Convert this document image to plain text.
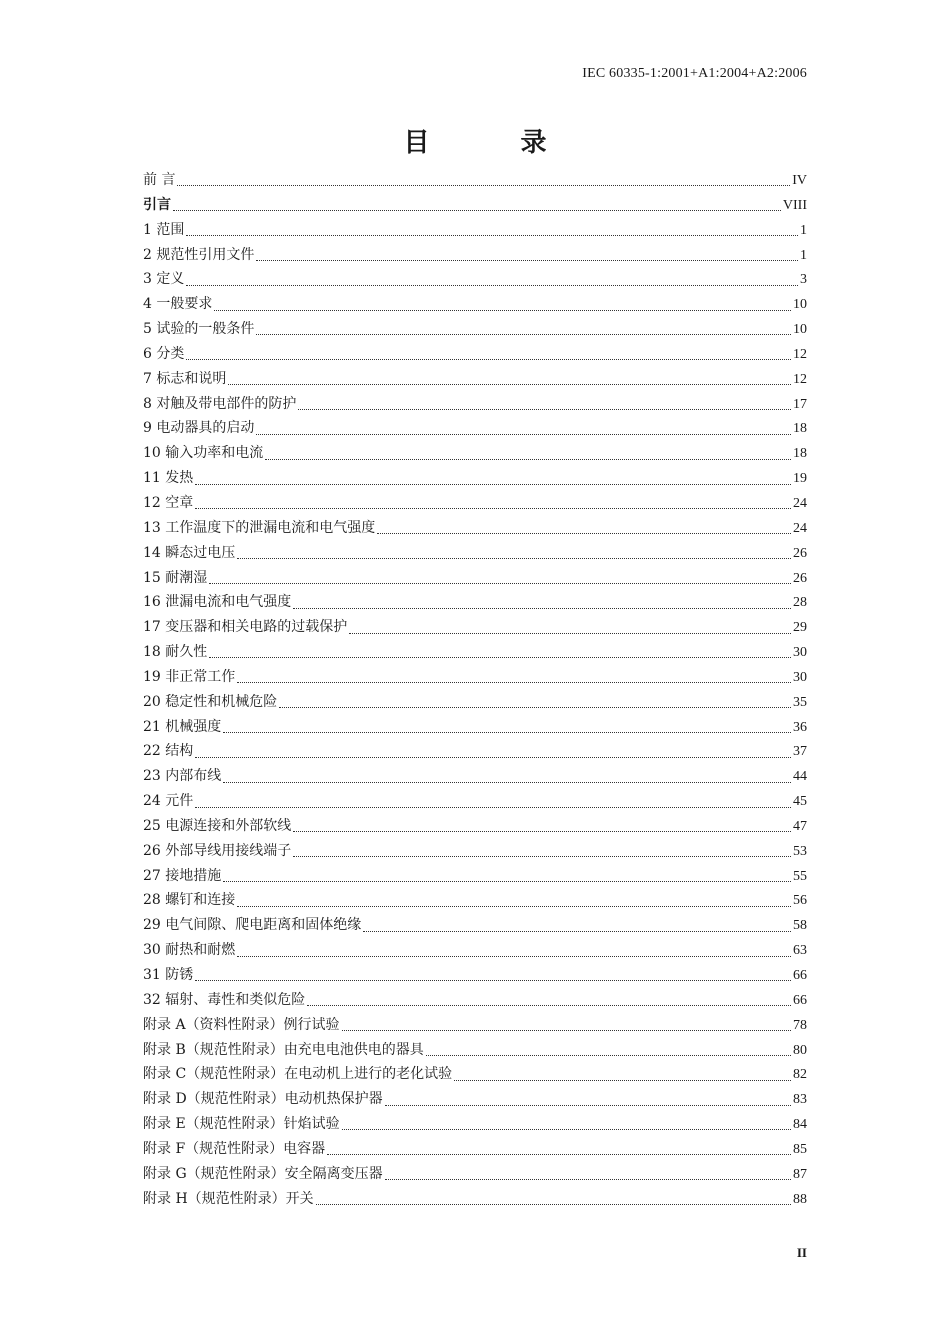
IEC 60335-1:2001+A1:2004+A2:2006
目 录
前 言	IV
引言	VIII
1 范围	1
2 规范性引用文件	1
3 定义	3
4 一般要求	10
5 试验的一般条件	10
6 分类	12
7 标志和说明	12
8 对触及带电部件的防护	17
9 电动器具的启动	18
10 输入功率和电流	18
11 发热	19
12 空章	24
13 工作温度下的泄漏电流和电气强度	24
14 瞬态过电压	26
15 耐潮湿	26
16 泄漏电流和电气强度	28
17 变压器和相关电路的过载保护	29
18 耐久性	30
19 非正常工作	30
20 稳定性和机械危险	35
21 机械强度	36
22 结构	37
23 内部布线	44
24 元件	45
25 电源连接和外部软线	47
26 外部导线用接线端子	53
27 接地措施	55
28 螺钉和连接	56
29 电气间隙、爬电距离和固体绝缘	58
30 耐热和耐燃	63
31 防锈	66
32 辐射、毒性和类似危险	66
附录 A（资料性附录）例行试验	78
附录 B（规范性附录）由充电电池供电的器具	80
附录 C（规范性附录）在电动机上进行的老化试验	82
附录 D（规范性附录）电动机热保护器	83
附录 E（规范性附录）针焰试验	84
附录 F（规范性附录）电容器	85
附录 G（规范性附录）安全隔离变压器	87
附录 H（规范性附录）开关	88
II
